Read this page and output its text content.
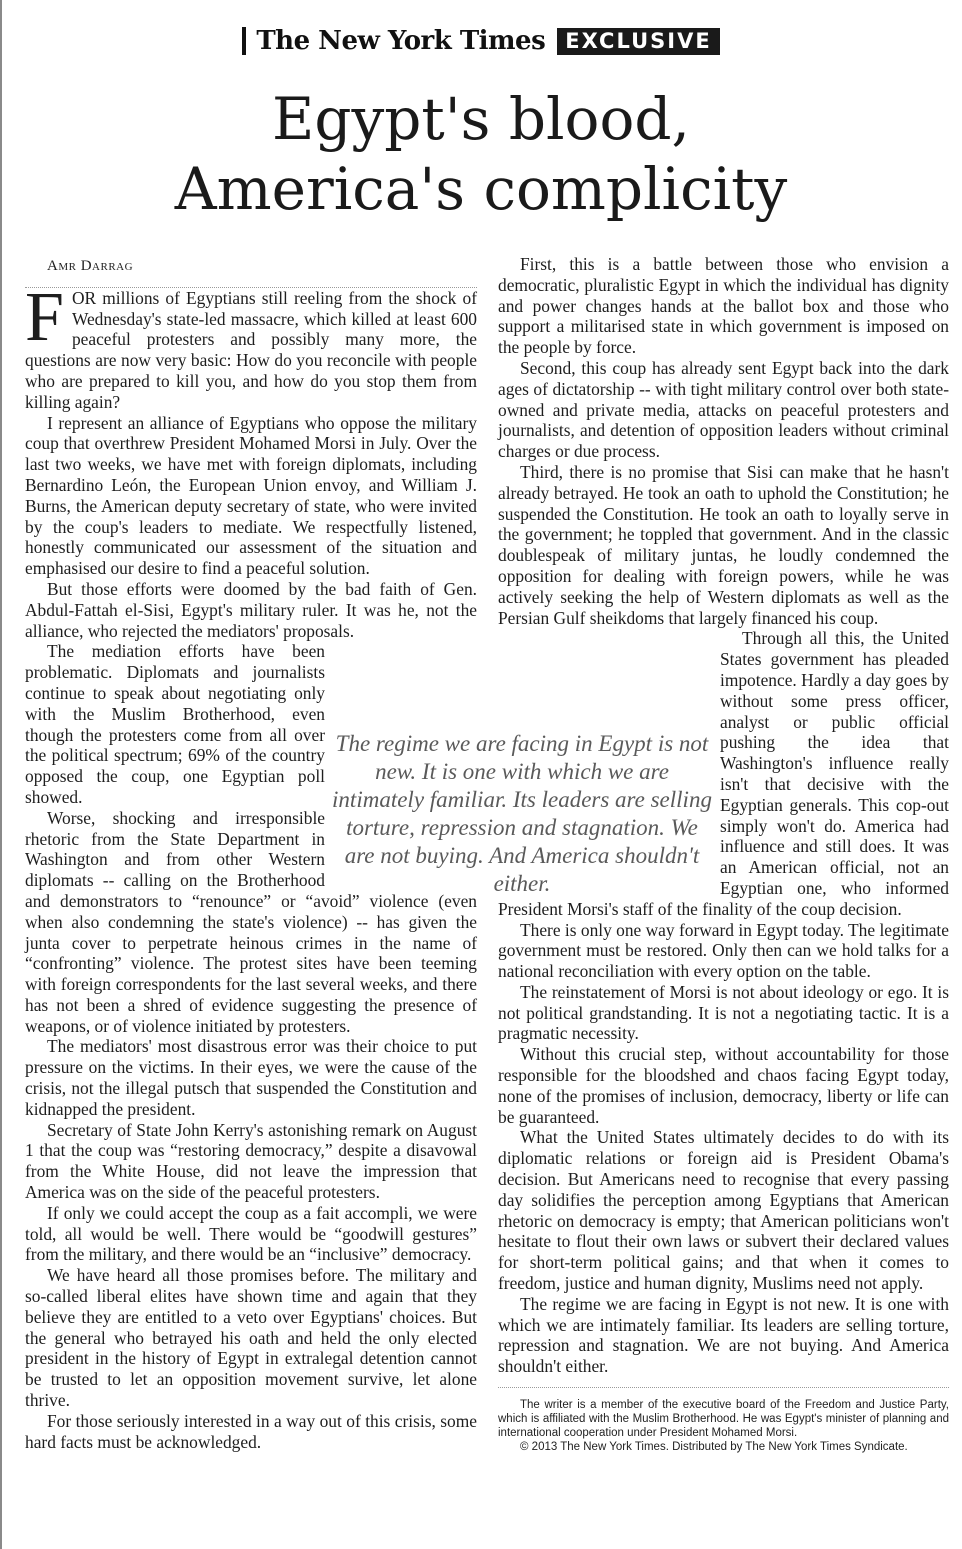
The New York Times EXCLUSIVE
Egypt's blood,
America's complicity

Amr Darrag

FOR millions of Egyptians still reeling from the shock of Wednesday's state-led massacre, which killed at least 600 peaceful protesters and possibly many more, the questions are now very basic: How do you reconcile with people who are prepared to kill you, and how do you stop them from killing again?

I represent an alliance of Egyptians who oppose the military coup that overthrew President Mohamed Morsi in July. Over the last two weeks, we have met with foreign diplomats, including Bernardino León, the European Union envoy, and William J. Burns, the American deputy secretary of state, who were invited by the coup's leaders to mediate. We respectfully listened, honestly communicated our assessment of the situation and emphasised our desire to find a peaceful solution.

But those efforts were doomed by the bad faith of Gen. Abdul-Fattah el-Sisi, Egypt's military ruler. It was he, not the alliance, who rejected the mediators' proposals.

The mediation efforts have been problematic. Diplomats and journalists continue to speak about negotiating only with the Muslim Brotherhood, even though the protesters come from all over the political spectrum; 69% of the country opposed the coup, one Egyptian poll showed.

Worse, shocking and irresponsible rhetoric from the State Department in Washington and from other Western diplomats -- calling on the Brotherhood and demonstrators to “renounce” or “avoid” violence (even when also condemning the state's violence) -- has given the junta cover to perpetrate heinous crimes in the name of “confronting” violence. The protest sites have been teeming with foreign correspondents for the last several weeks, and there has not been a shred of evidence suggesting the presence of weapons, or of violence initiated by protesters.

The mediators' most disastrous error was their choice to put pressure on the victims. In their eyes, we were the cause of the crisis, not the illegal putsch that suspended the Constitution and kidnapped the president.

Secretary of State John Kerry's astonishing remark on August 1 that the coup was “restoring democracy,” despite a disavowal from the White House, did not leave the impression that America was on the side of the peaceful protesters.

If only we could accept the coup as a fait accompli, we were told, all would be well. There would be “goodwill gestures” from the military, and there would be an “inclusive” democracy.

We have heard all those promises before. The military and so-called liberal elites have shown time and again that they believe they are entitled to a veto over Egyptians' choices. But the general who betrayed his oath and held the only elected president in the history of Egypt in extralegal detention cannot be trusted to let an opposition movement survive, let alone thrive.

For those seriously interested in a way out of this crisis, some hard facts must be acknowledged.

First, this is a battle between those who envision a democratic, pluralistic Egypt in which the individual has dignity and power changes hands at the ballot box and those who support a militarised state in which government is imposed on the people by force.

Second, this coup has already sent Egypt back into the dark ages of dictatorship -- with tight military control over both state-owned and private media, attacks on peaceful protesters and journalists, and detention of opposition leaders without criminal charges or due process.

Third, there is no promise that Sisi can make that he hasn't already betrayed. He took an oath to uphold the Constitution; he suspended the Constitution. He took an oath to loyally serve in the government; he toppled that government. And in the classic doublespeak of military juntas, he loudly condemned the opposition for dealing with foreign powers, while he was actively seeking the help of Western diplomats as well as the Persian Gulf sheikdoms that largely financed his coup.

Through all this, the United States government has pleaded impotence. Hardly a day goes by without some press officer, analyst or public official pushing the idea that Washington's influence really isn't that decisive with the Egyptian generals. This cop-out simply won't do. America had influence and still does. It was an American official, not an Egyptian one, who informed President Morsi's staff of the finality of the coup decision.

There is only one way forward in Egypt today. The legitimate government must be restored. Only then can we hold talks for a national reconciliation with every option on the table.

The reinstatement of Morsi is not about ideology or ego. It is not political grandstanding. It is not a negotiating tactic. It is a pragmatic necessity.

Without this crucial step, without accountability for those responsible for the bloodshed and chaos facing Egypt today, none of the promises of inclusion, democracy, liberty or life can be guaranteed.

What the United States ultimately decides to do with its diplomatic relations or foreign aid is President Obama's decision. But Americans need to recognise that every passing day solidifies the perception among Egyptians that American rhetoric on democracy is empty; that American politicians won't hesitate to flout their own laws or subvert their declared values for short-term political gains; and that when it comes to freedom, justice and human dignity, Muslims need not apply.

The regime we are facing in Egypt is not new. It is one with which we are intimately familiar. Its leaders are selling torture, repression and stagnation. We are not buying. And America shouldn't either.

The writer is a member of the executive board of the Freedom and Justice Party, which is affiliated with the Muslim Brotherhood. He was Egypt's minister of planning and international cooperation under President Mohamed Morsi.

© 2013 The New York Times. Distributed by The New York Times Syndicate.

The regime we are facing in Egypt is not new. It is one with which we are intimately familiar. Its leaders are selling torture, repression and stagnation. We are not buying. And America shouldn't either.
